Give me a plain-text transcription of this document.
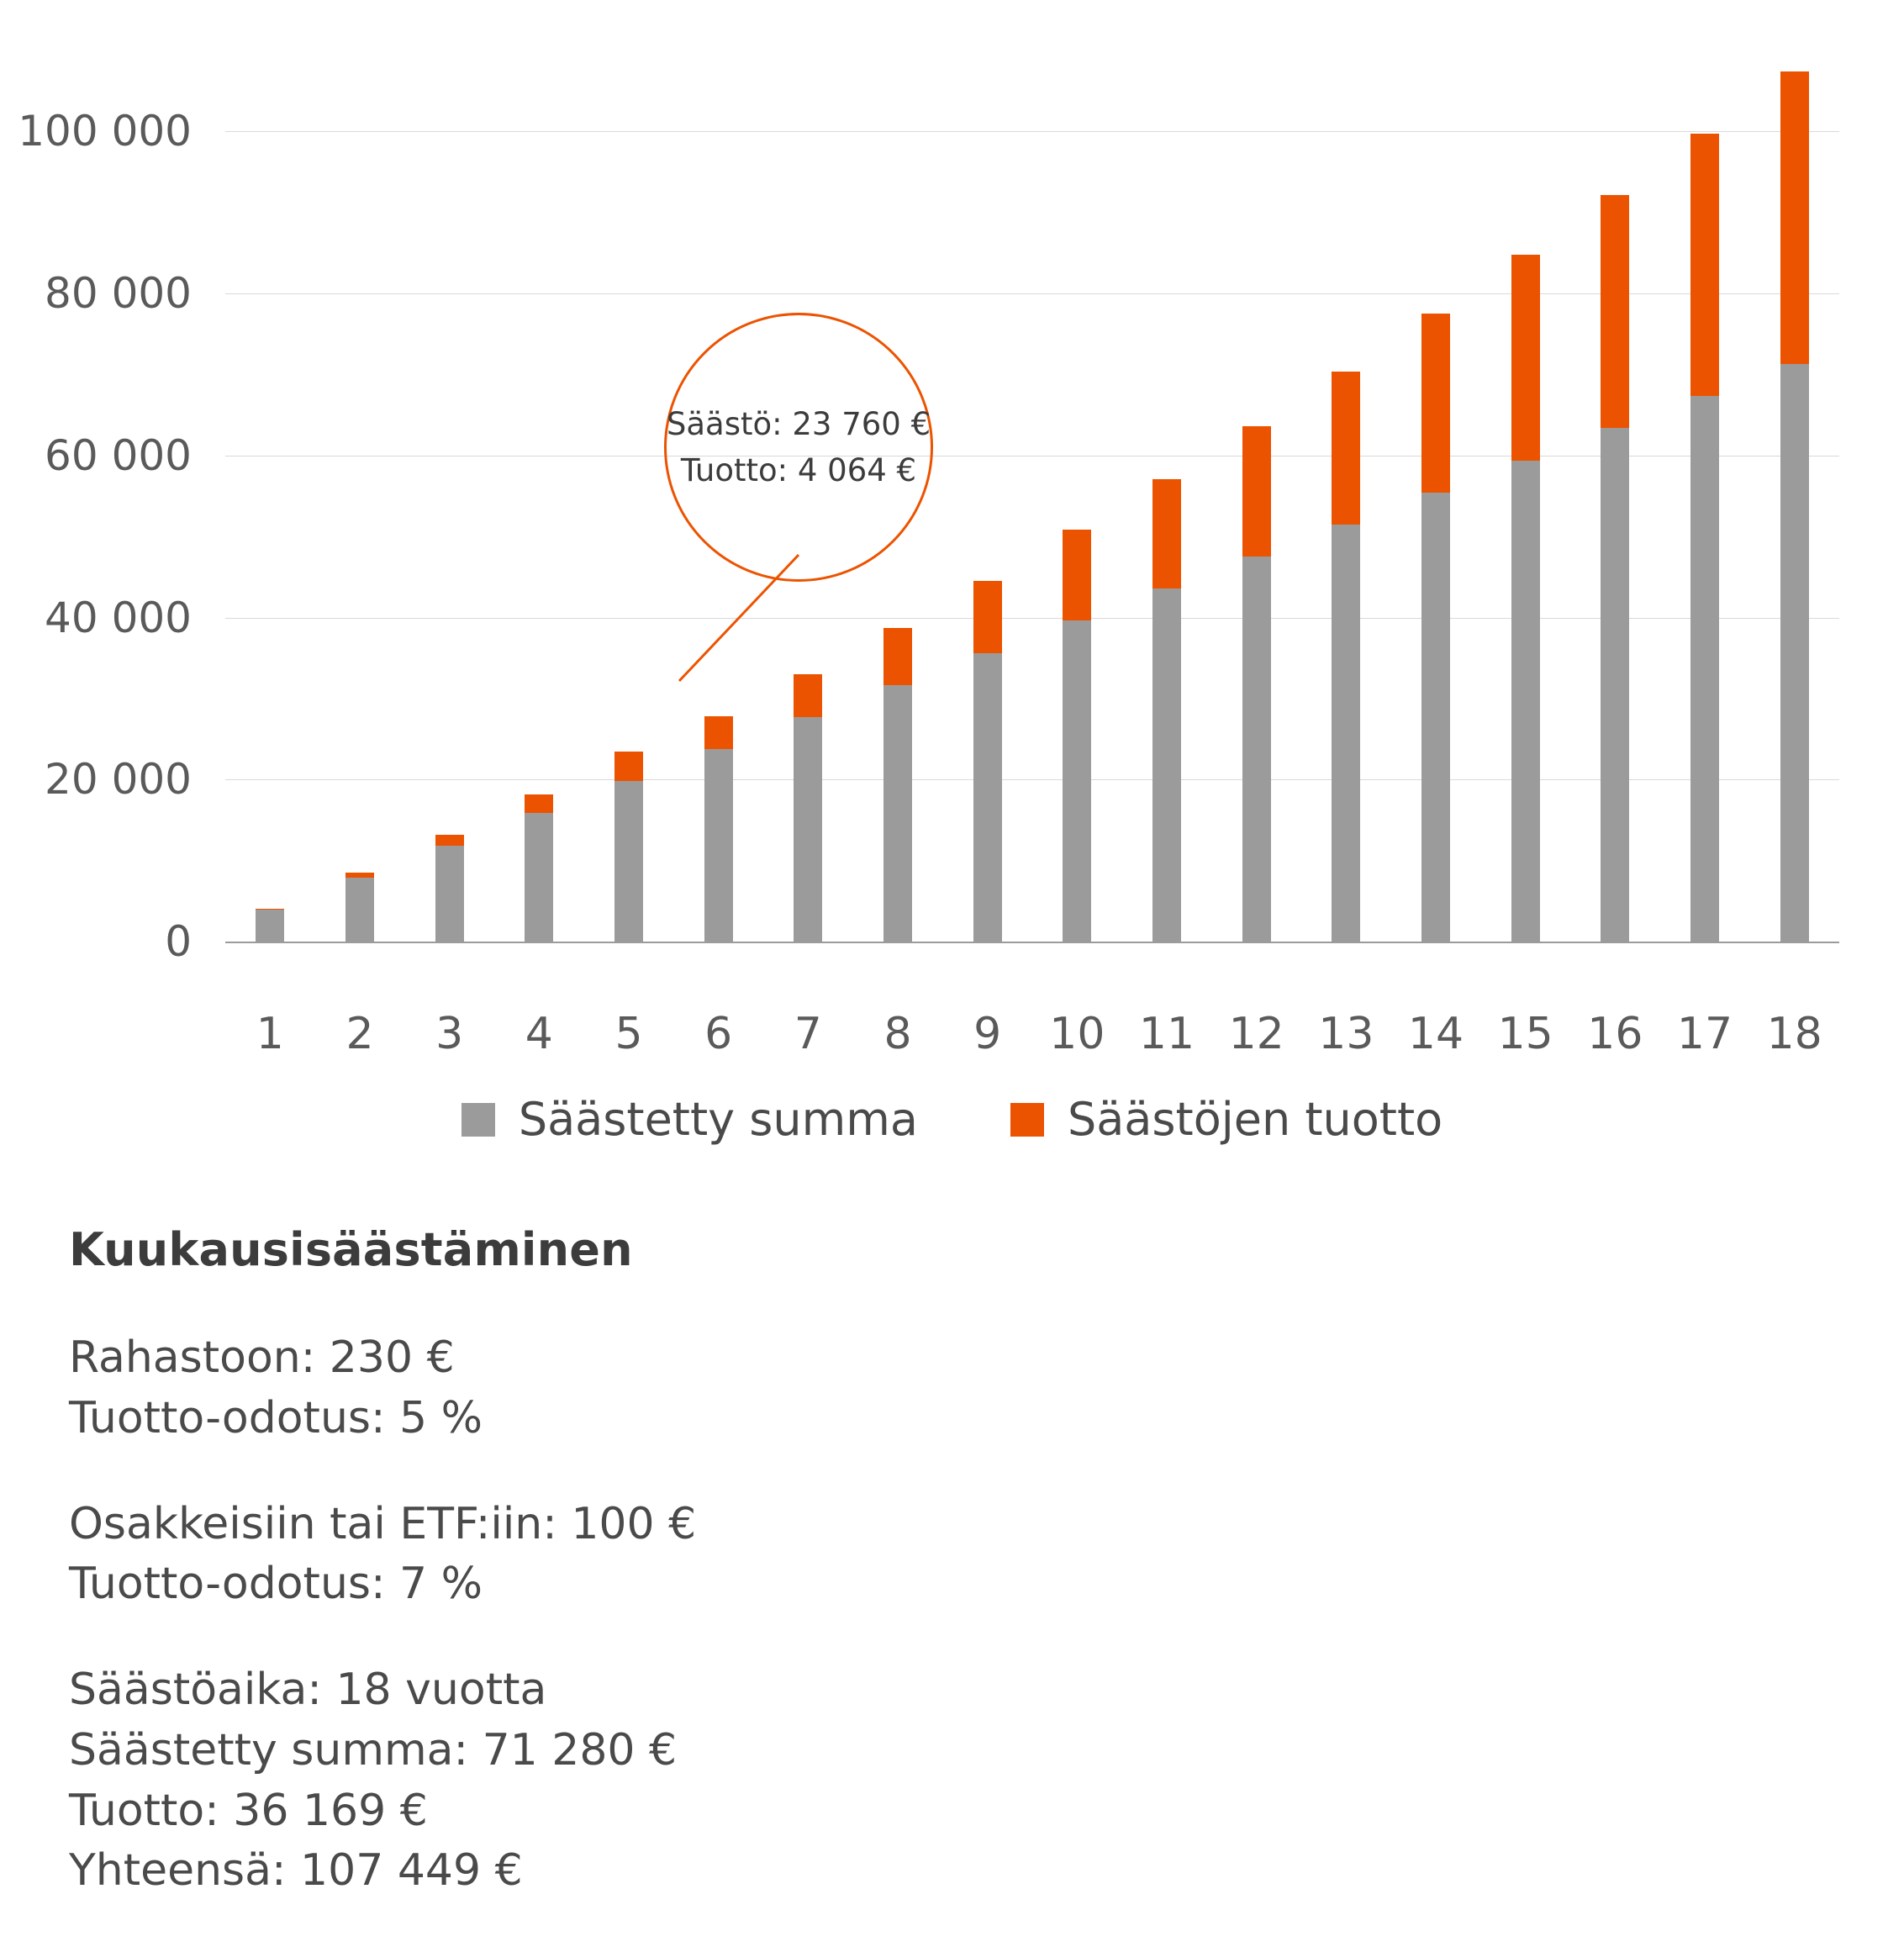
0
20 000
40 000
60 000
80 000
100 000
1 2 3 4 5 6 7 8 9 10 11 12 13 14 15 16 17 18
Säästö: 23 760 €
Tuotto: 4 064 €
Säästetty summa	Säästöjen tuotto
Kuukausisäästäminen
Rahastoon: 230 €
Tuotto-odotus: 5 %
Osakkeisiin tai ETF:iin: 100 €
Tuotto-odotus: 7 %
Säästöaika: 18 vuotta
Säästetty summa: 71 280 €
Tuotto: 36 169 €
Yhteensä: 107 449 €
